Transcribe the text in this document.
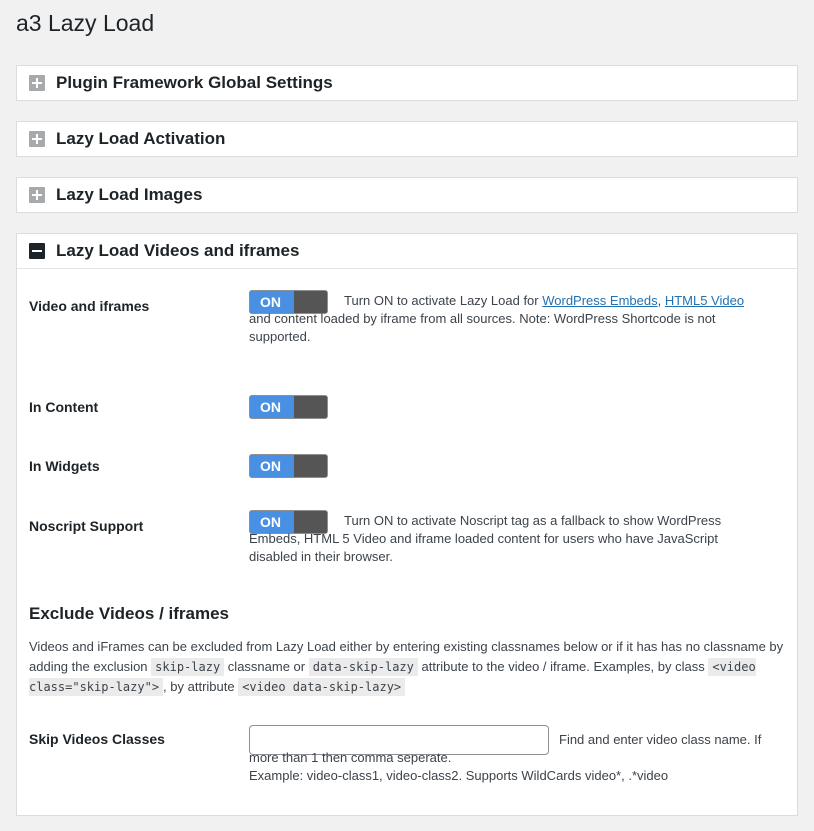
a3 Lazy Load
Plugin Framework Global Settings
Lazy Load Activation
Lazy Load Images
Lazy Load Videos and iframes
Video and iframes	ON	Turn ON to activate Lazy Load for WordPress Embeds, HTML5 Video and content loaded by iframe from all sources. Note: WordPress Shortcode is not supported.
In Content	ON
In Widgets	ON
Noscript Support	ON	Turn ON to activate Noscript tag as a fallback to show WordPress Embeds, HTML 5 Video and iframe loaded content for users who have JavaScript disabled in their browser.
Exclude Videos / iframes
Videos and iFrames can be excluded from Lazy Load either by entering existing classnames below or if it has has no classname by adding the exclusion skip-lazy classname or data-skip-lazy attribute to the video / iframe. Examples, by class <video class="skip-lazy"> , by attribute <video data-skip-lazy>
Skip Videos Classes	Find and enter video class name. If more than 1 then comma seperate.
Example: video-class1, video-class2. Supports WildCards video*, .*video
